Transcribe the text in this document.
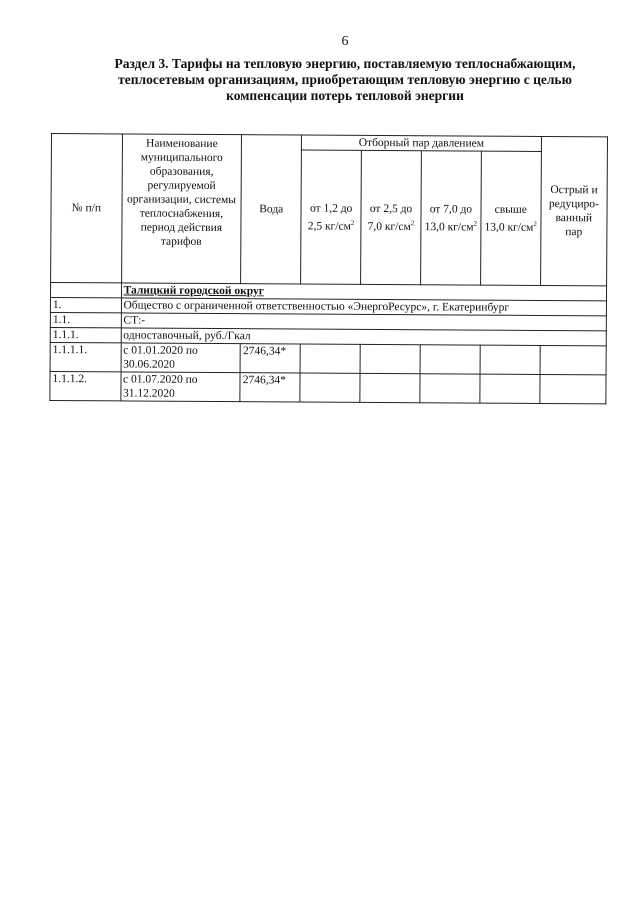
6
Раздел 3. Тарифы на тепловую энергию, поставляемую теплоснабжающим,
теплосетевым организациям, приобретающим тепловую энергию с целью
компенсации потерь тепловой энергии
№ п/п	Наименование муниципального образования, регулируемой организации, системы теплоснабжения, период действия тарифов	Вода	Отборный пар давлением				Острый и
редуциро-
ванный
пар
			от 1,2 до 2,5 $кг/см^2$	от 2,5 до 7,0 $кг/см^2$	от 7,0 до 13,0 $кг/см^2$	свыше 13,0 $кг/см^2$
	Талицкий городской округ						
1.	Общество с ограниченной ответственностью «ЭнергоРесурс», г. Екатеринбург						
1.1.	СТ:-						
1.1.1.	одноставочный, руб./Гкал						
1.1.1.1.	с 01.01.2020 по 30.06.2020	2746,34*					
1.1.1.2.	с 01.07.2020 по 31.12.2020	2746,34*					
